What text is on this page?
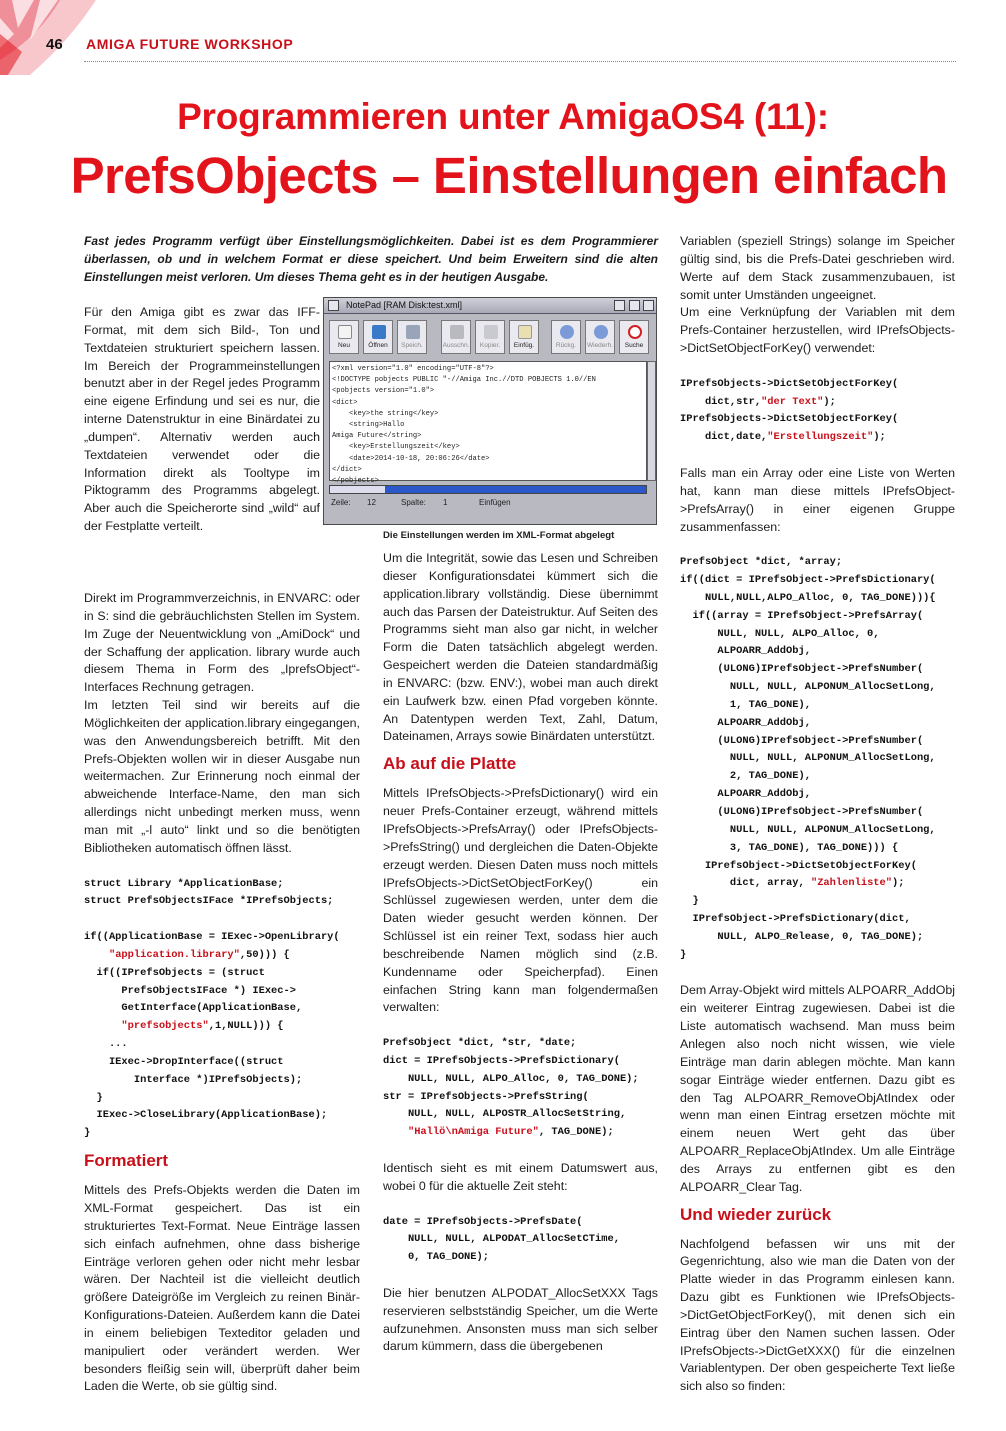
46 AMIGA FUTURE WORKSHOP
Programmieren unter AmigaOS4 (11):
PrefsObjects – Einstellungen einfach
Fast jedes Programm verfügt über Einstellungsmöglichkeiten. Dabei ist es dem Programmierer überlassen, ob und in welchem Format er diese speichert. Und beim Erweitern sind die alten Einstellungen meist verloren. Um dieses Thema geht es in der heutigen Ausgabe.

Für den Amiga gibt es zwar das IFF-Format, mit dem sich Bild-, Ton und Textdateien strukturiert speichern lassen. Im Bereich der Programmeinstellungen benutzt aber in der Regel jedes Programm eine eigene Erfindung und sei es nur, die interne Datenstruktur in eine Binärdatei zu „dumpen“. Alternativ werden auch Textdateien verwendet oder die Information direkt als Tooltype im Piktogramm des Programms abgelegt. Aber auch die Speicherorte sind „wild“ auf der Festplatte verteilt.

Direkt im Programmverzeichnis, in ENVARC: oder in S: sind die gebräuchlichsten Stellen im System. Im Zuge der Neuentwicklung von „AmiDock“ und der Schaffung der application. library wurde auch diesem Thema in Form des „IprefsObject“-Interfaces Rechnung getragen.

Im letzten Teil sind wir bereits auf die Möglichkeiten der application.library eingegangen, was den Anwendungsbereich betrifft. Mit den Prefs-Objekten wollen wir in dieser Ausgabe nun weitermachen. Zur Erinnerung noch einmal der abweichende Interface-Name, den man sich allerdings nicht unbedingt merken muss, wenn man mit „-l auto“ linkt und so die benötigten Bibliotheken automatisch öffnen lässt.

struct Library *ApplicationBase;
struct PrefsObjectsIFace *IPrefsObjects;

if((ApplicationBase = IExec->OpenLibrary(
"application.library",50))) {
if((IPrefsObjects = (struct
PrefsObjectsIFace *) IExec->
GetInterface(ApplicationBase,
"prefsobjects",1,NULL))) {
...
IExec->DropInterface((struct
Interface *)IPrefsObjects);
}
IExec->CloseLibrary(ApplicationBase);
}
Formatiert

Mittels des Prefs-Objekts werden die Daten im XML-Format gespeichert. Das ist ein strukturiertes Text-Format. Neue Einträge lassen sich einfach aufnehmen, ohne dass bisherige Einträge verloren gehen oder nicht mehr lesbar wären. Der Nachteil ist die vielleicht deutlich größere Dateigröße im Vergleich zu reinen Binär-Konfigurations-Dateien. Außerdem kann die Datei in einem beliebigen Texteditor geladen und manipuliert oder verändert werden. Wer besonders fleißig sein will, überprüft daher beim Laden die Werte, ob sie gültig sind.

NotePad [RAM Disk:test.xml]
Neu	Öffnen	Speich.	Ausschn.	Kopier.	Einfüg.	Rückg.	Wiederh.	Suche
<?xml version="1.0" encoding="UTF-8"?>
<!DOCTYPE pobjects PUBLIC "-//Amiga Inc.//DTD POBJECTS 1.0//EN
<pobjects version="1.0">
<dict>
<key>the string</key>
<string>Hallo
Amiga Future</string>
<key>Erstellungszeit</key>
<date>2014-10-18, 20:06:26</date>
</dict>
</pobjects>
Zeile: 12	Spalte: 1	Einfügen
Die Einstellungen werden im XML-Format abgelegt

Um die Integrität, sowie das Lesen und Schreiben dieser Konfigurationsdatei kümmert sich die application.library vollständig. Diese übernimmt auch das Parsen der Dateistruktur. Auf Seiten des Programms sieht man also gar nicht, in welcher Form die Daten tatsächlich abgelegt werden. Gespeichert werden die Dateien standardmäßig in ENVARC: (bzw. ENV:), wobei man auch direkt ein Laufwerk bzw. einen Pfad vorgeben könnte. An Datentypen werden Text, Zahl, Datum, Dateinamen, Arrays sowie Binärdaten unterstützt.

Ab auf die Platte

Mittels IPrefsObjects->PrefsDictionary() wird ein neuer Prefs-Container erzeugt, während mittels IPrefsObjects->PrefsArray() oder IPrefsObjects->PrefsString() und dergleichen die Daten-Objekte erzeugt werden. Diesen Daten muss noch mittels IPrefsObjects->DictSetObjectForKey() ein Schlüssel zugewiesen werden, unter dem die Daten wieder gesucht werden können. Der Schlüssel ist ein reiner Text, sodass hier auch beschreibende Namen möglich sind (z.B. Kundenname oder Speicherpfad). Einen einfachen String kann man folgendermaßen verwalten:

PrefsObject *dict, *str, *date;
dict = IPrefsObjects->PrefsDictionary(
NULL, NULL, ALPO_Alloc, 0, TAG_DONE);
str = IPrefsObjects->PrefsString(
NULL, NULL, ALPOSTR_AllocSetString,
"Hallö\nAmiga Future", TAG_DONE);

Identisch sieht es mit einem Datumswert aus, wobei 0 für die aktuelle Zeit steht:

date = IPrefsObjects->PrefsDate(
NULL, NULL, ALPODAT_AllocSetCTime,
0, TAG_DONE);

Die hier benutzen ALPODAT_AllocSetXXX Tags reservieren selbstständig Speicher, um die Werte aufzunehmen. Ansonsten muss man sich selber darum kümmern, dass die übergebenen

Variablen (speziell Strings) solange im Speicher gültig sind, bis die Prefs-Datei geschrieben wird. Werte auf dem Stack zusammenzubauen, ist somit unter Umständen ungeeignet.

Um eine Verknüpfung der Variablen mit dem Prefs-Container herzustellen, wird IPrefsObjects->DictSetObjectForKey() verwendet:

IPrefsObjects->DictSetObjectForKey(
dict,str,"der Text");
IPrefsObjects->DictSetObjectForKey(
dict,date,"Erstellungszeit");

Falls man ein Array oder eine Liste von Werten hat, kann man diese mittels IPrefsObject->PrefsArray() in einer eigenen Gruppe zusammenfassen:

PrefsObject *dict, *array;
if((dict = IPrefsObject->PrefsDictionary(
NULL,NULL,ALPO_Alloc, 0, TAG_DONE))){
if((array = IPrefsObject->PrefsArray(
NULL, NULL, ALPO_Alloc, 0,
ALPOARR_AddObj,
(ULONG)IPrefsObject->PrefsNumber(
NULL, NULL, ALPONUM_AllocSetLong,
1, TAG_DONE),
ALPOARR_AddObj,
(ULONG)IPrefsObject->PrefsNumber(
NULL, NULL, ALPONUM_AllocSetLong,
2, TAG_DONE),
ALPOARR_AddObj,
(ULONG)IPrefsObject->PrefsNumber(
NULL, NULL, ALPONUM_AllocSetLong,
3, TAG_DONE), TAG_DONE))) {
IPrefsObject->DictSetObjectForKey(
dict, array, "Zahlenliste");
}
IPrefsObject->PrefsDictionary(dict,
NULL, ALPO_Release, 0, TAG_DONE);
}

Dem Array-Objekt wird mittels ALPOARR_AddObj ein weiterer Eintrag zugewiesen. Dabei ist die Liste automatisch wachsend. Man muss beim Anlegen also noch nicht wissen, wie viele Einträge man darin ablegen möchte. Man kann sogar Einträge wieder entfernen. Dazu gibt es den Tag ALPOARR_RemoveObjAtIndex oder wenn man einen Eintrag ersetzen möchte mit einem neuen Wert geht das über ALPOARR_ReplaceObjAtIndex. Um alle Einträge des Arrays zu entfernen gibt es den ALPOARR_Clear Tag.

Und wieder zurück

Nachfolgend befassen wir uns mit der Gegenrichtung, also wie man die Daten von der Platte wieder in das Programm einlesen kann. Dazu gibt es Funktionen wie IPrefsObjects->DictGetObjectForKey(), mit denen sich ein Eintrag über den Namen suchen lassen. Oder IPrefsObjects->DictGetXXX() für die einzelnen Variablentypen. Der oben gespeicherte Text ließe sich also so finden:
